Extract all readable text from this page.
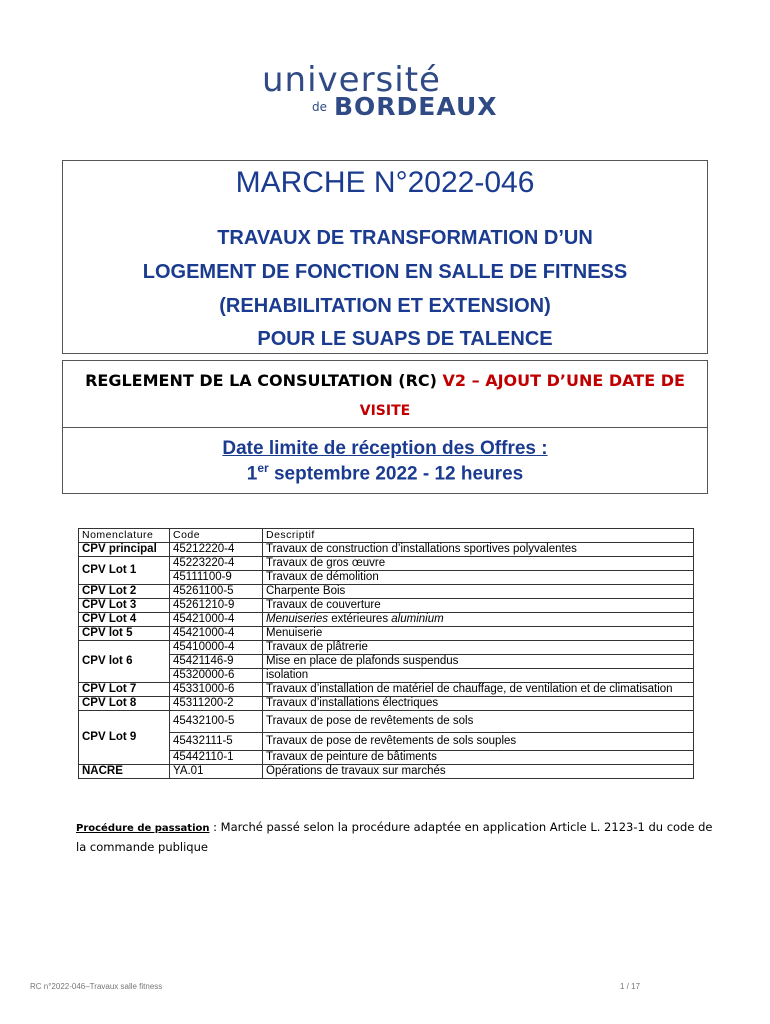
université
de BORDEAUX
MARCHE N°2022-046
TRAVAUX DE TRANSFORMATION D’UN
LOGEMENT DE FONCTION EN SALLE DE FITNESS
(REHABILITATION ET EXTENSION)
POUR LE SUAPS DE TALENCE
REGLEMENT DE LA CONSULTATION (RC) V2 – AJOUT D’UNE DATE DE
VISITE
Date limite de réception des Offres :
1er septembre 2022 - 12 heures
Nomenclature	Code	Descriptif
CPV principal	45212220-4	Travaux de construction d’installations sportives polyvalentes
CPV Lot 1	45223220-4	Travaux de gros œuvre
	45111100-9	Travaux de démolition
CPV Lot 2	45261100-5	Charpente Bois
CPV Lot 3	45261210-9	Travaux de couverture
CPV Lot 4	45421000-4	Menuiseries extérieures aluminium
CPV lot 5	45421000-4	Menuiserie
CPV lot 6	45410000-4	Travaux de plâtrerie
	45421146-9	Mise en place de plafonds suspendus
	45320000-6	isolation
CPV Lot 7	45331000-6	Travaux d’installation de matériel de chauffage, de ventilation et de climatisation
CPV Lot 8	45311200-2	Travaux d’installations électriques
CPV Lot 9	45432100-5	Travaux de pose de revêtements de sols
	45432111-5	Travaux de pose de revêtements de sols souples
	45442110-1	Travaux de peinture de bâtiments
NACRE	YA.01	Opérations de travaux sur marchés
Procédure de passation : Marché passé selon la procédure adaptée en application Article L. 2123-1 du code de la commande publique
RC n°2022-046–Travaux salle fitness	1 / 17
